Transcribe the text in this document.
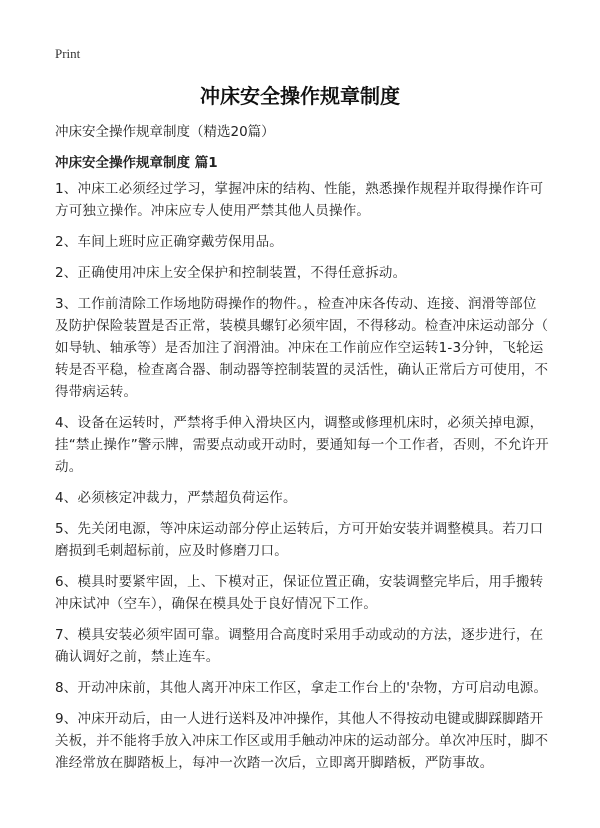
Print
冲床安全操作规章制度
冲床安全操作规章制度（精选20篇）
冲床安全操作规章制度 篇1

1、冲床工必须经过学习，掌握冲床的结构、性能，熟悉操作规程并取得操作许可
方可独立操作。冲床应专人使用严禁其他人员操作。

2、车间上班时应正确穿戴劳保用品。

2、正确使用冲床上安全保护和控制装置，不得任意拆动。

3、工作前清除工作场地防碍操作的物件。，检查冲床各传动、连接、润滑等部位
及防护保险装置是否正常，装模具螺钉必须牢固，不得移动。检查冲床运动部分（
如导轨、轴承等）是否加注了润滑油。冲床在工作前应作空运转1-3分钟，飞轮运
转是否平稳，检查离合器、制动器等控制装置的灵活性，确认正常后方可使用，不
得带病运转。

4、设备在运转时，严禁将手伸入滑块区内，调整或修理机床时，必须关掉电源，
挂“禁止操作”警示牌，需要点动或开动时，要通知每一个工作者，否则，不允许开
动。

4、必须核定冲裁力，严禁超负荷运作。

5、先关闭电源，等冲床运动部分停止运转后，方可开始安装并调整模具。若刀口
磨损到毛刺超标前，应及时修磨刀口。

6、模具时要紧牢固，上、下模对正，保证位置正确，安装调整完毕后，用手搬转
冲床试冲（空车），确保在模具处于良好情况下工作。

7、模具安装必须牢固可靠。调整用合高度时采用手动或动的方法，逐步进行，在
确认调好之前，禁止连车。

8、开动冲床前，其他人离开冲床工作区，拿走工作台上的'杂物，方可启动电源。

9、冲床开动后，由一人进行送料及冲冲操作，其他人不得按动电键或脚踩脚踏开
关板，并不能将手放入冲床工作区或用手触动冲床的运动部分。单次冲压时，脚不
准经常放在脚踏板上，每冲一次踏一次后，立即离开脚踏板，严防事故。
